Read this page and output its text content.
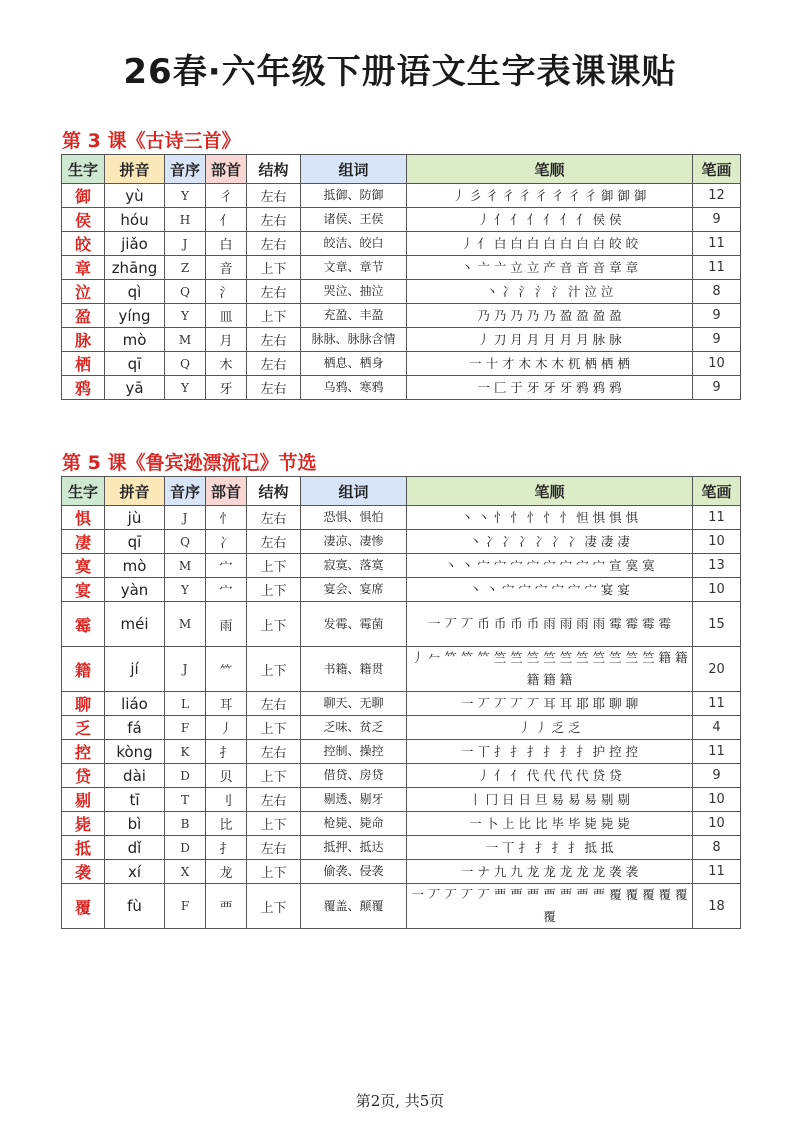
26春·六年级下册语文生字表课课贴
第 3 课《古诗三首》
生字	拼音	音序	部首	结构	组词	笔顺	笔画
御	yù	Y	彳	左右	抵御、防御	丿 彡 彳 彳 彳 彳 彳 彳 彳 御 御 御	12
侯	hóu	H	亻	左右	诸侯、王侯	丿 亻 亻 亻 亻 亻 亻 侯 侯	9
皎	jiǎo	J	白	左右	皎洁、皎白	丿 亻 白 白 白 白 白 白 白 皎 皎	11
章	zhāng	Z	音	上下	文章、章节	丶 亠 亠 立 立 产 音 音 音 章 章	11
泣	qì	Q	氵	左右	哭泣、抽泣	丶 冫 氵 氵 氵 汁 泣 泣	8
盈	yíng	Y	皿	上下	充盈、丰盈	乃 乃 乃 乃 乃 盈 盈 盈 盈	9
脉	mò	M	月	左右	脉脉、脉脉含情	丿 刀 月 月 月 月 月 脉 脉	9
栖	qī	Q	木	左右	栖息、栖身	一 十 才 木 木 木 杌 栖 栖 栖	10
鸦	yā	Y	牙	左右	乌鸦、寒鸦	一 匚 于 牙 牙 牙 鸦 鸦 鸦	9
第 5 课《鲁宾逊漂流记》节选
生字	拼音	音序	部首	结构	组词	笔顺	笔画
惧	jù	J	忄	左右	恐惧、惧怕	丶 丶 忄 忄 忄 忄 忄 怛 惧 惧 惧	11
凄	qī	Q	冫	左右	凄凉、凄惨	丶 冫 冫 冫 冫 冫 冫 凄 凄 凄	10
寞	mò	M	宀	上下	寂寞、落寞	丶 丶 宀 宀 宀 宀 宀 宀 宀 宀 宣 寞 寞	13
宴	yàn	Y	宀	上下	宴会、宴席	丶 丶 宀 宀 宀 宀 宀 宀 宴 宴	10
霉	méi	M	雨	上下	发霉、霉菌	一 丆 丆 币 币 币 币 雨 雨 雨 雨 霉 霉 霉 霉	15
籍	jí	J	⺮	上下	书籍、籍贯	丿 𠂉 𥫗 𥫗 𥫗 竺 竺 竺 竺 竺 竺 竺 竺 竺 竺 籍 籍 籍 籍 籍	20
聊	liáo	L	耳	左右	聊天、无聊	一 丆 丆 丆 丆 耳 耳 耶 耶 聊 聊	11
乏	fá	F	丿	上下	乏味、贫乏	丿 丿 乏 乏	4
控	kòng	K	扌	左右	控制、操控	一 丅 扌 扌 扌 扌 扌 扌 护 控 控	11
贷	dài	D	贝	上下	借贷、房贷	丿 亻 亻 代 代 代 代 贷 贷	9
剔	tī	T	刂	左右	剔透、剔牙	丨 冂 日 日 旦 易 易 易 剔 剔	10
毙	bì	B	比	上下	枪毙、毙命	一 卜 上 比 比 毕 毕 毙 毙 毙	10
抵	dǐ	D	扌	左右	抵押、抵达	一 丅 扌 扌 扌 扌 抵 抵	8
袭	xí	X	龙	上下	偷袭、侵袭	一 ナ 九 九 龙 龙 龙 龙 龙 袭 袭	11
覆	fù	F	覀	上下	覆盖、颠覆	一 丆 丆 丆 丆 覀 覀 覀 覀 覀 覀 覀 覆 覆 覆 覆 覆 覆	18
第2页, 共5页
